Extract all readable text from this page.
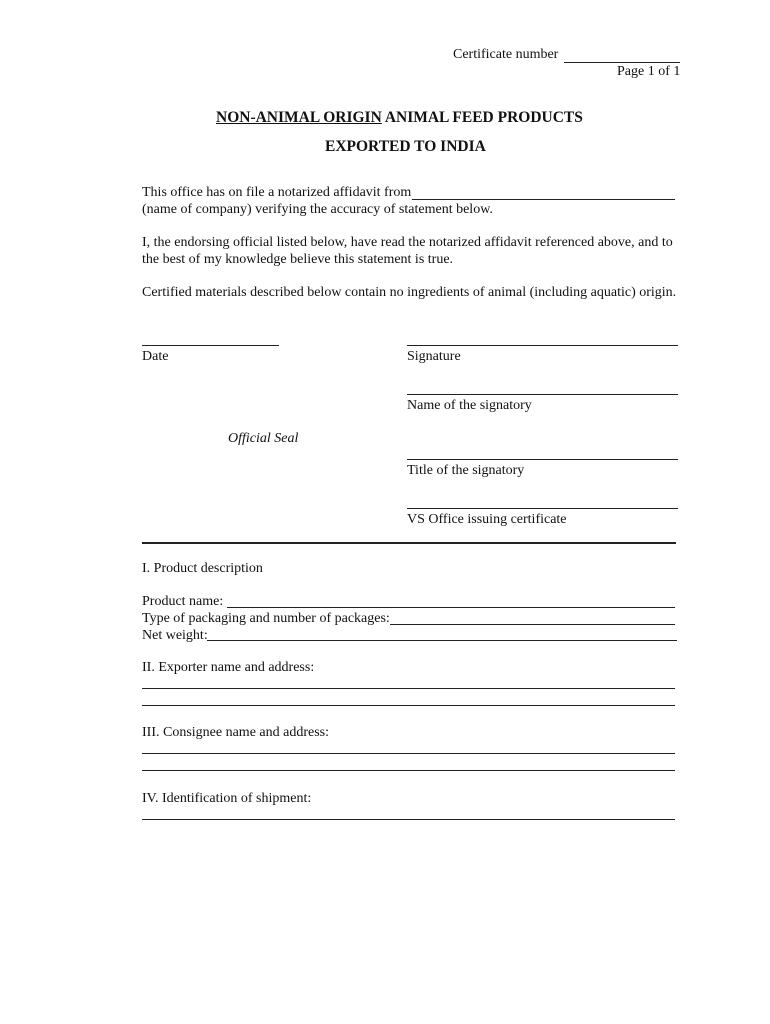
Certificate number
Page 1 of 1
NON-ANIMAL ORIGIN ANIMAL FEED PRODUCTS
EXPORTED TO INDIA
This office has on file a notarized affidavit from
(name of company) verifying the accuracy of statement below.
I, the endorsing official listed below, have read the notarized affidavit referenced above, and to
the best of my knowledge believe this statement is true.
Certified materials described below contain no ingredients of animal (including aquatic) origin.
Date	Signature
Name of the signatory
Official Seal
Title of the signatory
VS Office issuing certificate
I. Product description
Product name:
Type of packaging and number of packages:
Net weight:
II. Exporter name and address:
III. Consignee name and address:
IV. Identification of shipment:
